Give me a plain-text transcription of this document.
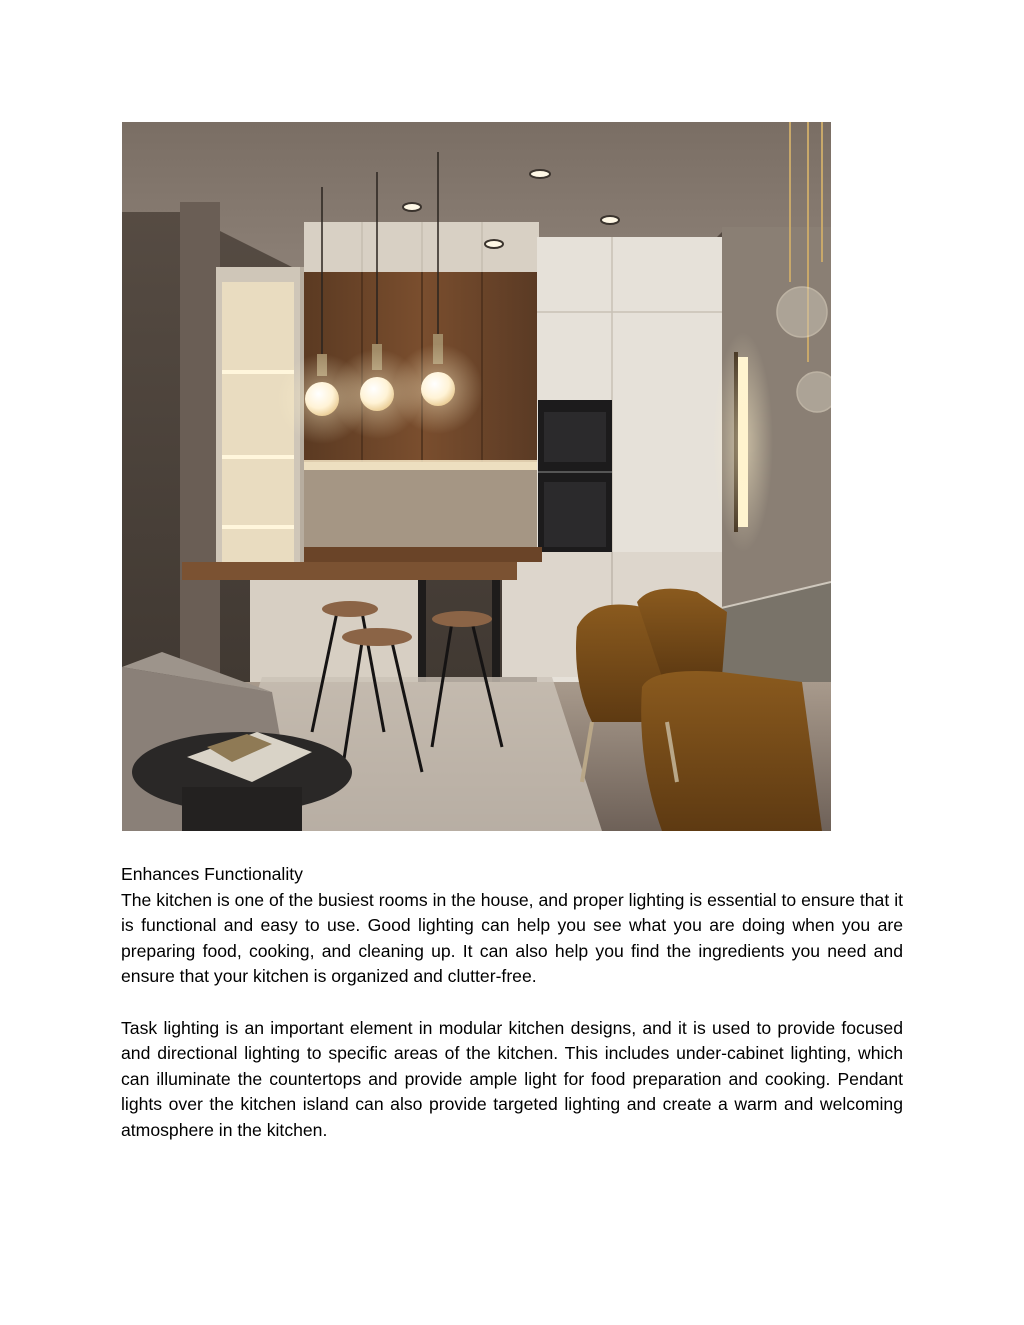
Enhances Functionality

The kitchen is one of the busiest rooms in the house, and proper lighting is essential to ensure that it is functional and easy to use. Good lighting can help you see what you are doing when you are preparing food, cooking, and cleaning up. It can also help you find the ingredients you need and ensure that your kitchen is organized and clutter-free.

Task lighting is an important element in modular kitchen designs, and it is used to provide focused and directional lighting to specific areas of the kitchen. This includes under-cabinet lighting, which can illuminate the countertops and provide ample light for food preparation and cooking. Pendant lights over the kitchen island can also provide targeted lighting and create a warm and welcoming atmosphere in the kitchen.
